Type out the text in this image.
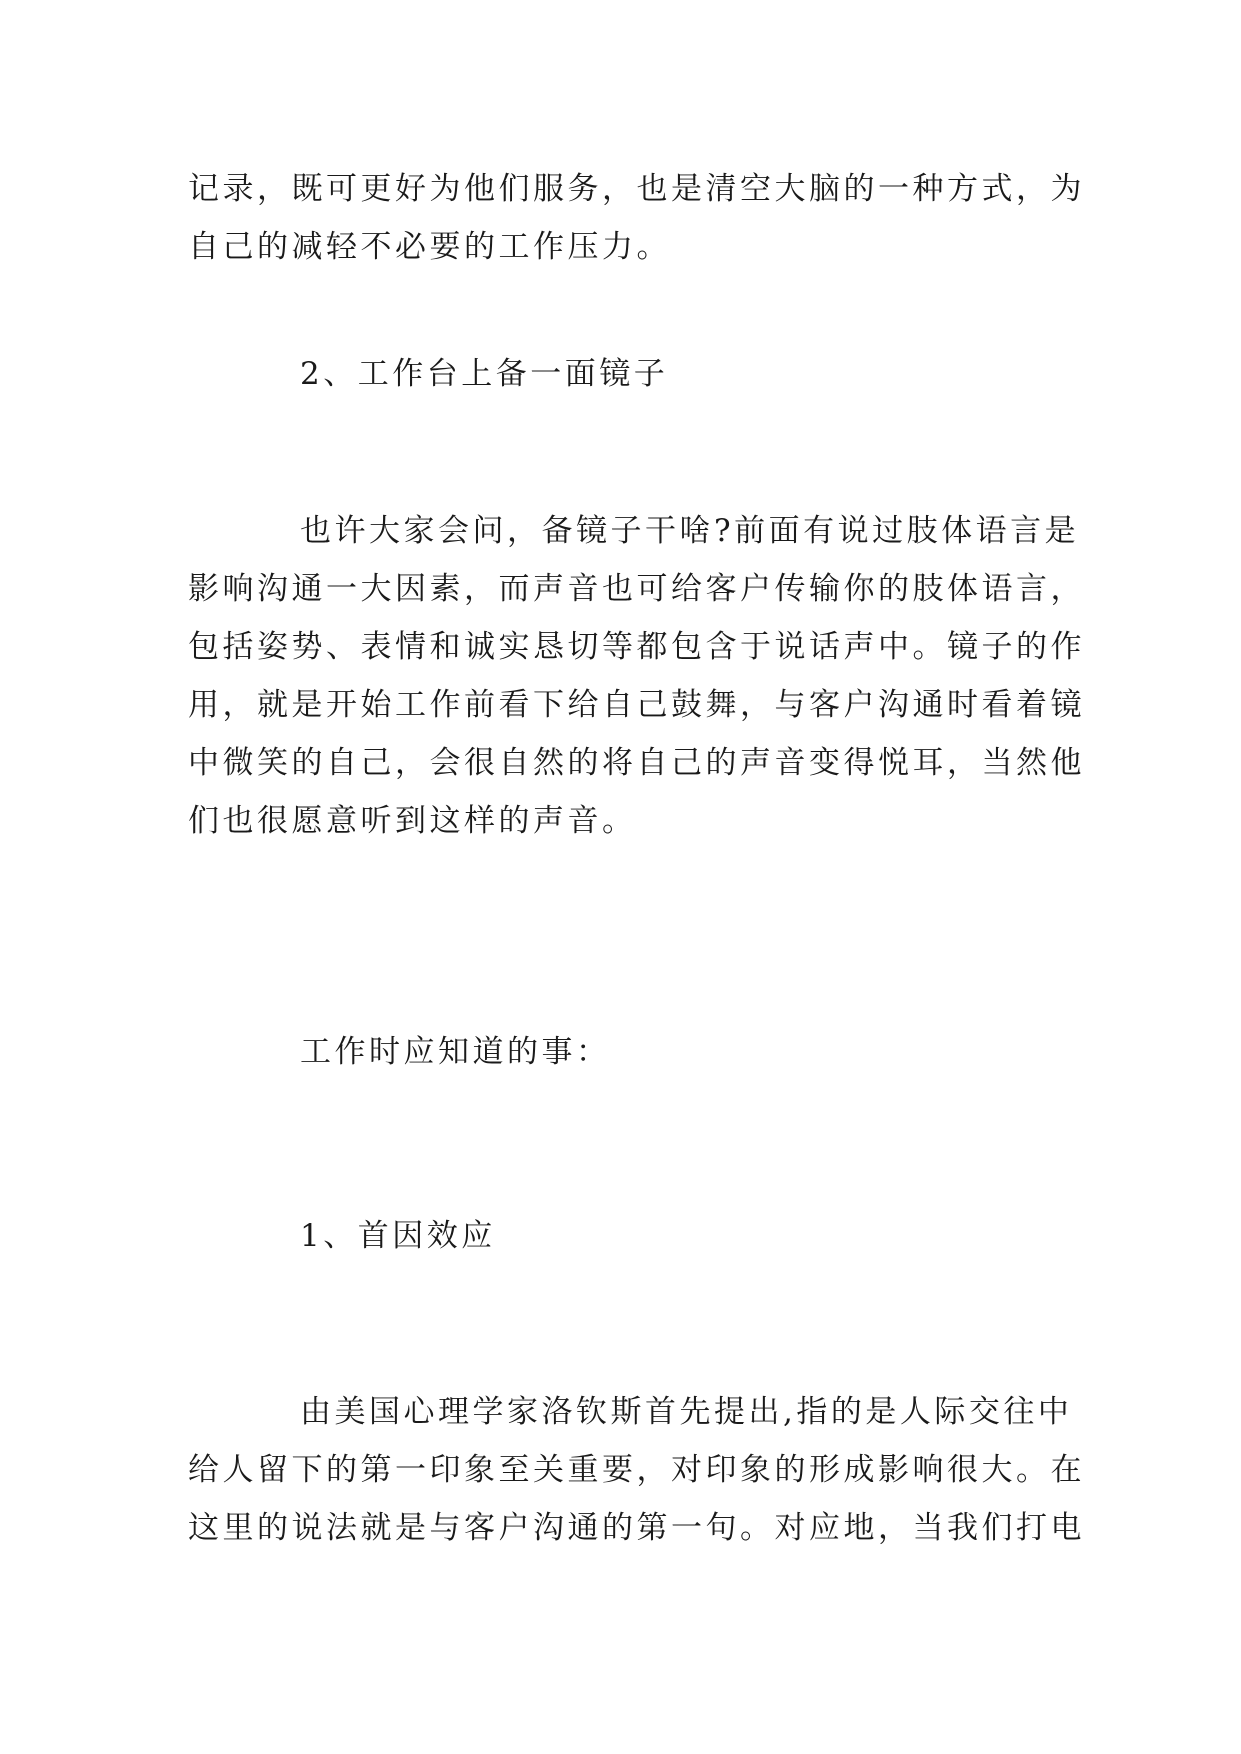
记录，既可更好为他们服务，也是清空大脑的一种方式，为
自己的减轻不必要的工作压力。

2、工作台上备一面镜子

也许大家会问，备镜子干啥?前面有说过肢体语言是
影响沟通一大因素，而声音也可给客户传输你的肢体语言，
包括姿势、表情和诚实恳切等都包含于说话声中。镜子的作
用，就是开始工作前看下给自己鼓舞，与客户沟通时看着镜
中微笑的自己，会很自然的将自己的声音变得悦耳，当然他
们也很愿意听到这样的声音。

工作时应知道的事：

1、首因效应

由美国心理学家洛钦斯首先提出,指的是人际交往中
给人留下的第一印象至关重要，对印象的形成影响很大。在
这里的说法就是与客户沟通的第一句。对应地，当我们打电
